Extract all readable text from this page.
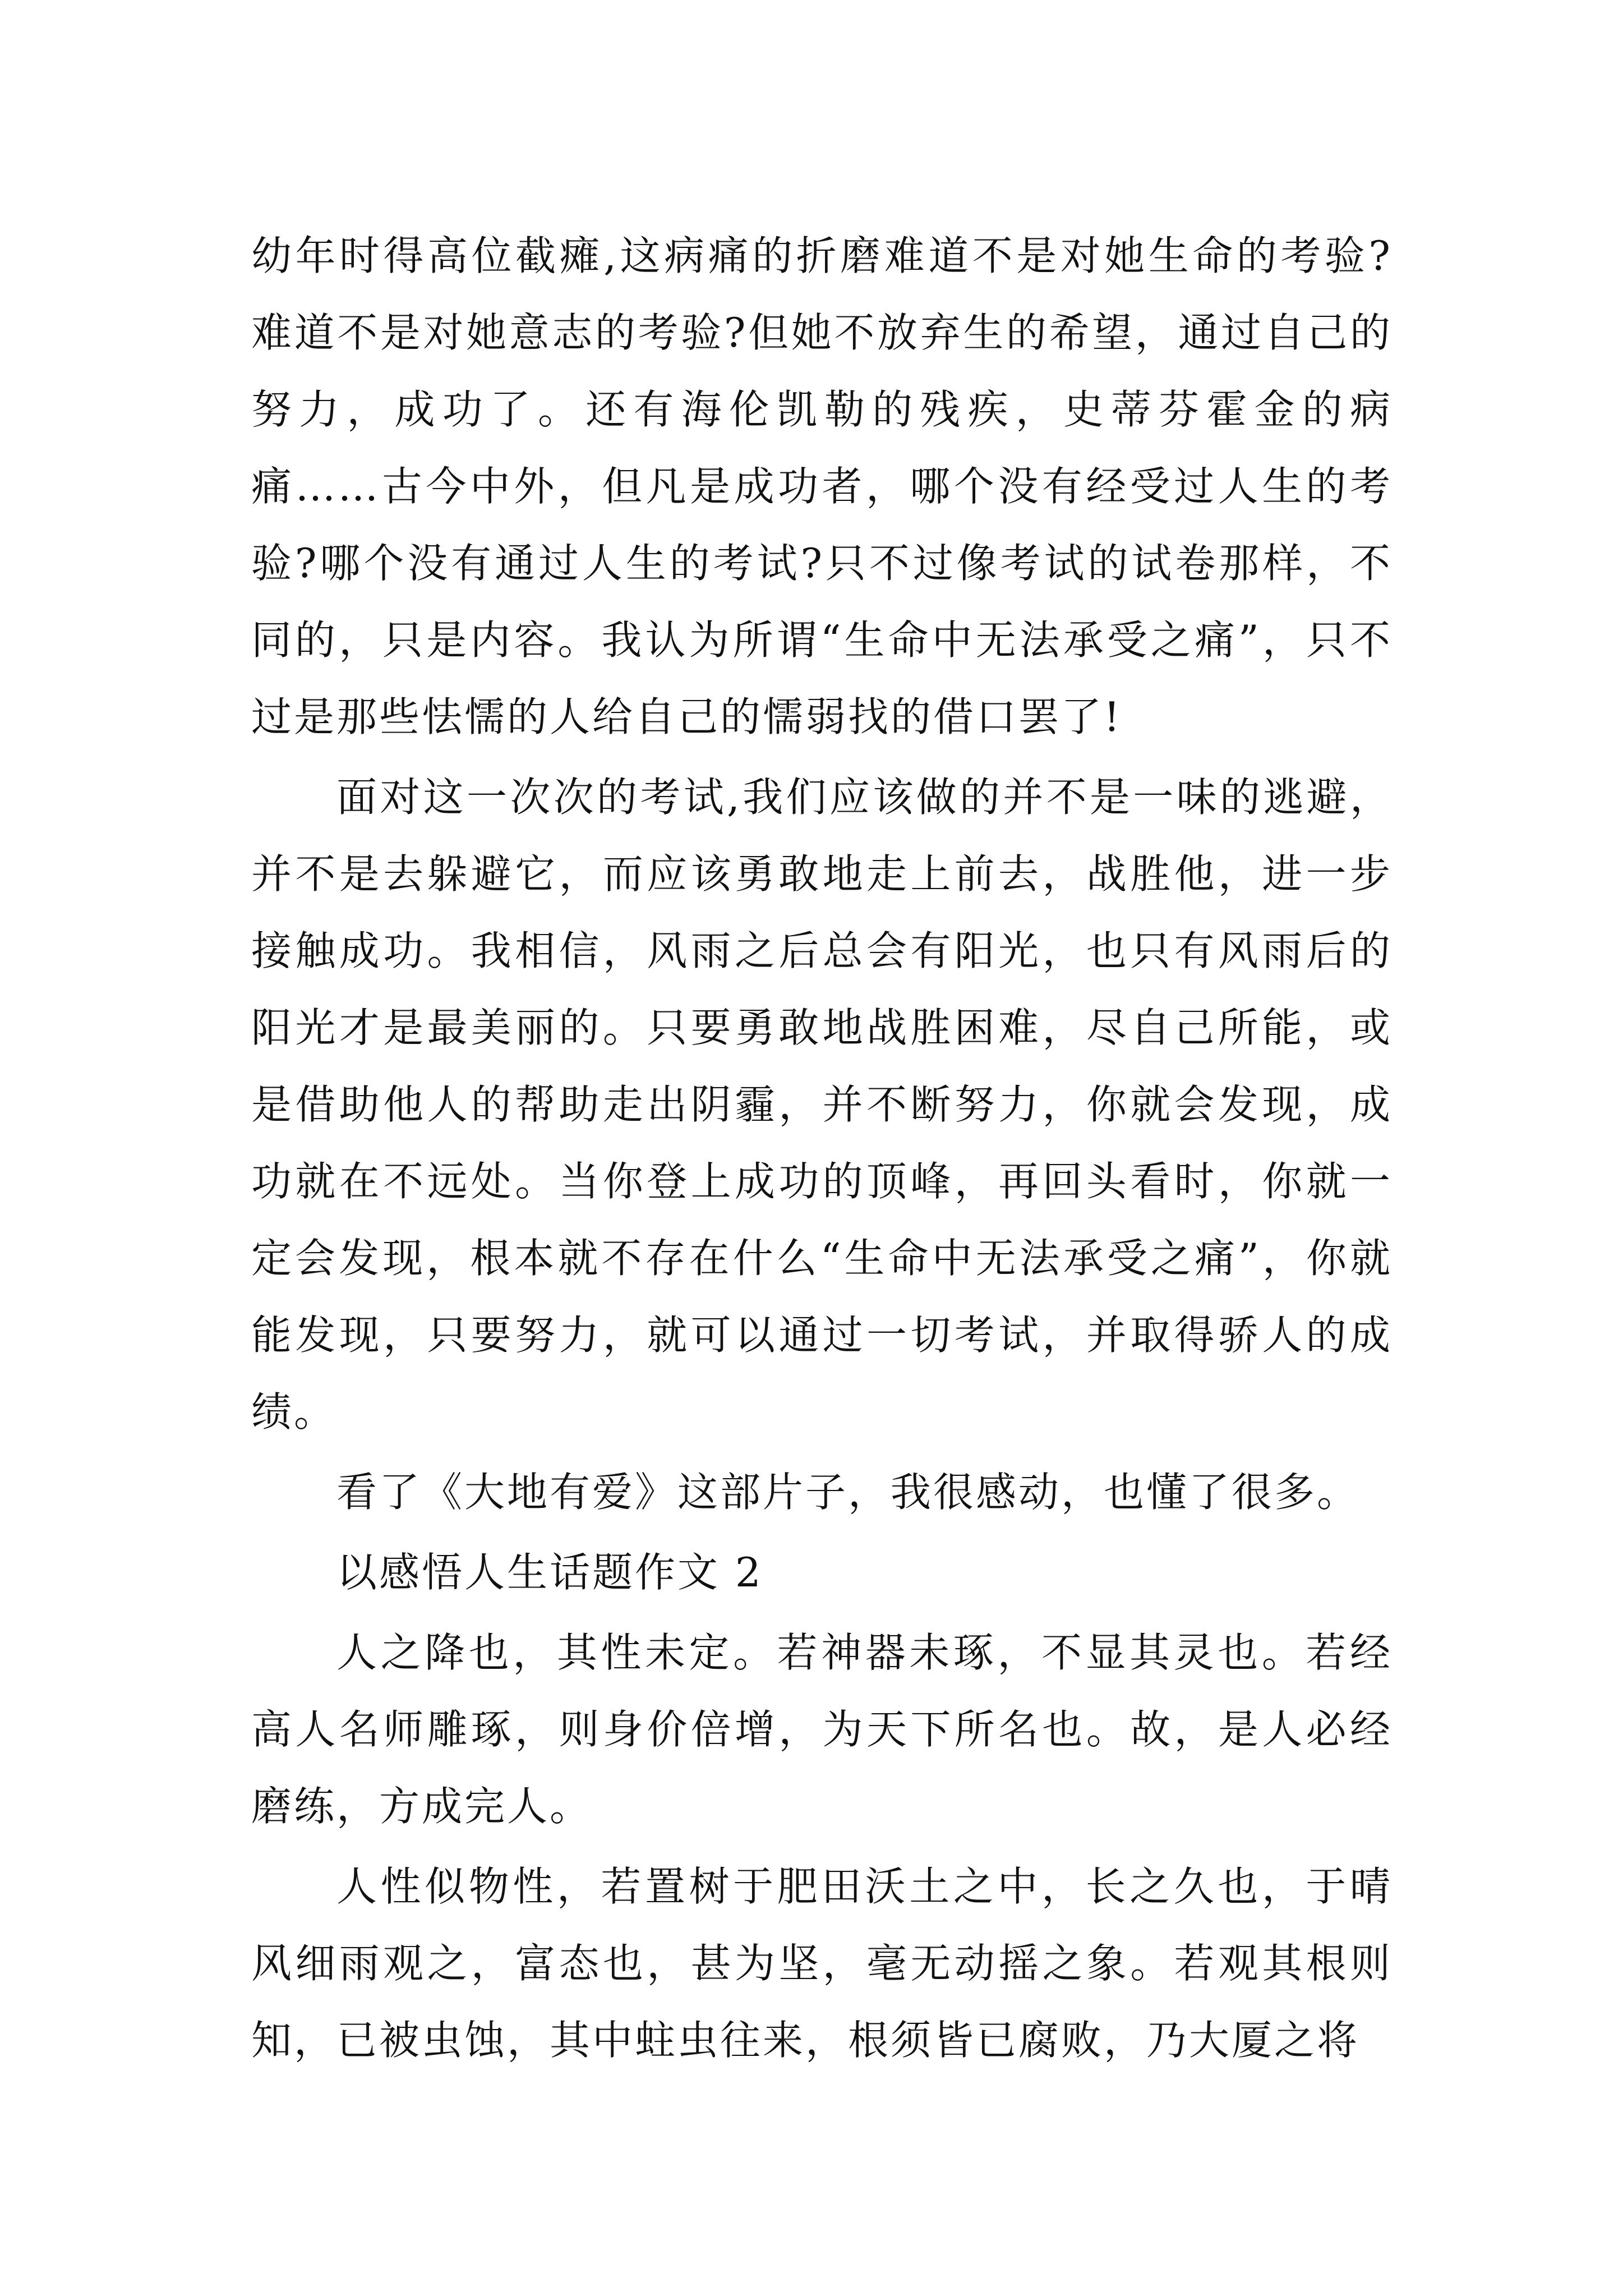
幼年时得高位截瘫,这病痛的折磨难道不是对她生命的考验?难道不是对她意志的考验?但她不放弃生的希望，通过自己的努力，成功了。还有海伦凯勒的残疾，史蒂芬霍金的病痛……古今中外，但凡是成功者，哪个没有经受过人生的考验?哪个没有通过人生的考试?只不过像考试的试卷那样，不同的，只是内容。我认为所谓“生命中无法承受之痛”，只不过是那些怯懦的人给自己的懦弱找的借口罢了!

面对这一次次的考试,我们应该做的并不是一味的逃避，并不是去躲避它，而应该勇敢地走上前去，战胜他，进一步接触成功。我相信，风雨之后总会有阳光，也只有风雨后的阳光才是最美丽的。只要勇敢地战胜困难，尽自己所能，或是借助他人的帮助走出阴霾，并不断努力，你就会发现，成功就在不远处。当你登上成功的顶峰，再回头看时，你就一定会发现，根本就不存在什么“生命中无法承受之痛”，你就能发现，只要努力，就可以通过一切考试，并取得骄人的成绩。

看了《大地有爱》这部片子，我很感动，也懂了很多。

以感悟人生话题作文 2

人之降也，其性未定。若神器未琢，不显其灵也。若经高人名师雕琢，则身价倍增，为天下所名也。故，是人必经磨练，方成完人。

人性似物性，若置树于肥田沃土之中，长之久也，于晴风细雨观之，富态也，甚为坚，毫无动摇之象。若观其根则知，已被虫蚀，其中蛀虫往来，根须皆已腐败，乃大厦之将
